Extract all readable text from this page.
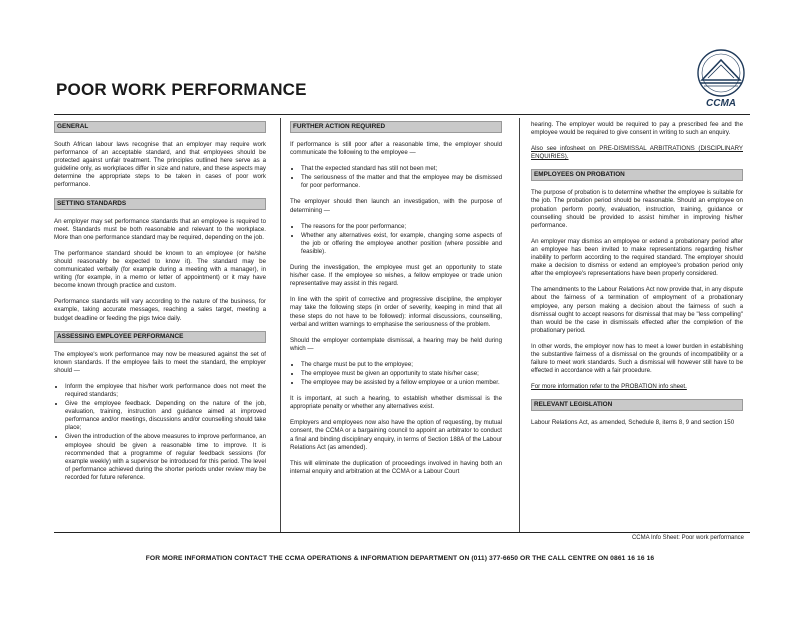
POOR WORK PERFORMANCE
CCMA
GENERAL

South African labour laws recognise that an employer may require work performance of an acceptable standard, and that employees should be protected against unfair treatment. The principles outlined here serve as a guideline only, as workplaces differ in size and nature, and these aspects may determine the appropriate steps to be taken in cases of poor work performance.

SETTING STANDARDS

An employer may set performance standards that an employee is required to meet. Standards must be both reasonable and relevant to the workplace. More than one performance standard may be required, depending on the job.

The performance standard should be known to an employee (or he/she should reasonably be expected to know it). The standard may be communicated verbally (for example during a meeting with a manager), in writing (for example, in a memo or letter of appointment) or it may have become known through practice and custom.

Performance standards will vary according to the nature of the business, for example, taking accurate messages, reaching a sales target, meeting a budget deadline or feeding the pigs twice daily.

ASSESSING EMPLOYEE PERFORMANCE

The employee's work performance may now be measured against the set of known standards. If the employee fails to meet the standard, the employer should —

• Inform the employee that his/her work performance does not meet the required standards;
• Give the employee feedback. Depending on the nature of the job, evaluation, training, instruction and guidance aimed at improved performance and/or meetings, discussions and/or counselling should take place;
• Given the introduction of the above measures to improve performance, an employee should be given a reasonable time to improve. It is recommended that a programme of regular feedback sessions (for example weekly) with a supervisor be introduced for this period. The level of performance achieved during the shorter periods under review may be recorded for future reference.
FURTHER ACTION REQUIRED

If performance is still poor after a reasonable time, the employer should communicate the following to the employee —

• That the expected standard has still not been met;
• The seriousness of the matter and that the employee may be dismissed for poor performance.

The employer should then launch an investigation, with the purpose of determining —

• The reasons for the poor performance;
• Whether any alternatives exist, for example, changing some aspects of the job or offering the employee another position (where possible and feasible).

During the investigation, the employee must get an opportunity to state his/her case. If the employee so wishes, a fellow employee or trade union representative may assist in this regard.

In line with the spirit of corrective and progressive discipline, the employer may take the following steps (in order of severity, keeping in mind that all these steps do not have to be followed): informal discussions, counselling, verbal and written warnings to emphasise the seriousness of the problem.

Should the employer contemplate dismissal, a hearing may be held during which —

• The charge must be put to the employee;
• The employee must be given an opportunity to state his/her case;
• The employee may be assisted by a fellow employee or a union member.

It is important, at such a hearing, to establish whether dismissal is the appropriate penalty or whether any alternatives exist.

Employers and employees now also have the option of requesting, by mutual consent, the CCMA or a bargaining council to appoint an arbitrator to conduct a final and binding disciplinary enquiry, in terms of Section 188A of the Labour Relations Act (as amended).

This will eliminate the duplication of proceedings involved in having both an internal enquiry and arbitration at the CCMA or a Labour Court

hearing. The employer would be required to pay a prescribed fee and the employee would be required to give consent in writing to such an enquiry.

Also see infosheet on PRE-DISMISSAL ARBITRATIONS (DISCIPLINARY ENQUIRIES).

EMPLOYEES ON PROBATION

The purpose of probation is to determine whether the employee is suitable for the job. The probation period should be reasonable. Should an employee on probation perform poorly, evaluation, instruction, training, guidance or counselling should be provided to assist him/her in improving his/her performance.

An employer may dismiss an employee or extend a probationary period after an employee has been invited to make representations regarding his/her inability to perform according to the required standard. The employer should make a decision to dismiss or extend an employee's probation period only after the employee's representations have been properly considered.

The amendments to the Labour Relations Act now provide that, in any dispute about the fairness of a termination of employment of a probationary employee, any person making a decision about the fairness of such a dismissal ought to accept reasons for dismissal that may be "less compelling" than would be the case in dismissals effected after the completion of the probationary period.

In other words, the employer now has to meet a lower burden in establishing the substantive fairness of a dismissal on the grounds of incompatibility or a failure to meet work standards. Such a dismissal will however still have to be effected in accordance with a fair procedure.

For more information refer to the PROBATION info sheet.

RELEVANT LEGISLATION

Labour Relations Act, as amended, Schedule 8, items 8, 9 and section 150

CCMA Info Sheet: Poor work performance
FOR MORE INFORMATION CONTACT THE CCMA OPERATIONS & INFORMATION DEPARTMENT ON (011) 377-6650 OR THE CALL CENTRE ON 0861 16 16 16
